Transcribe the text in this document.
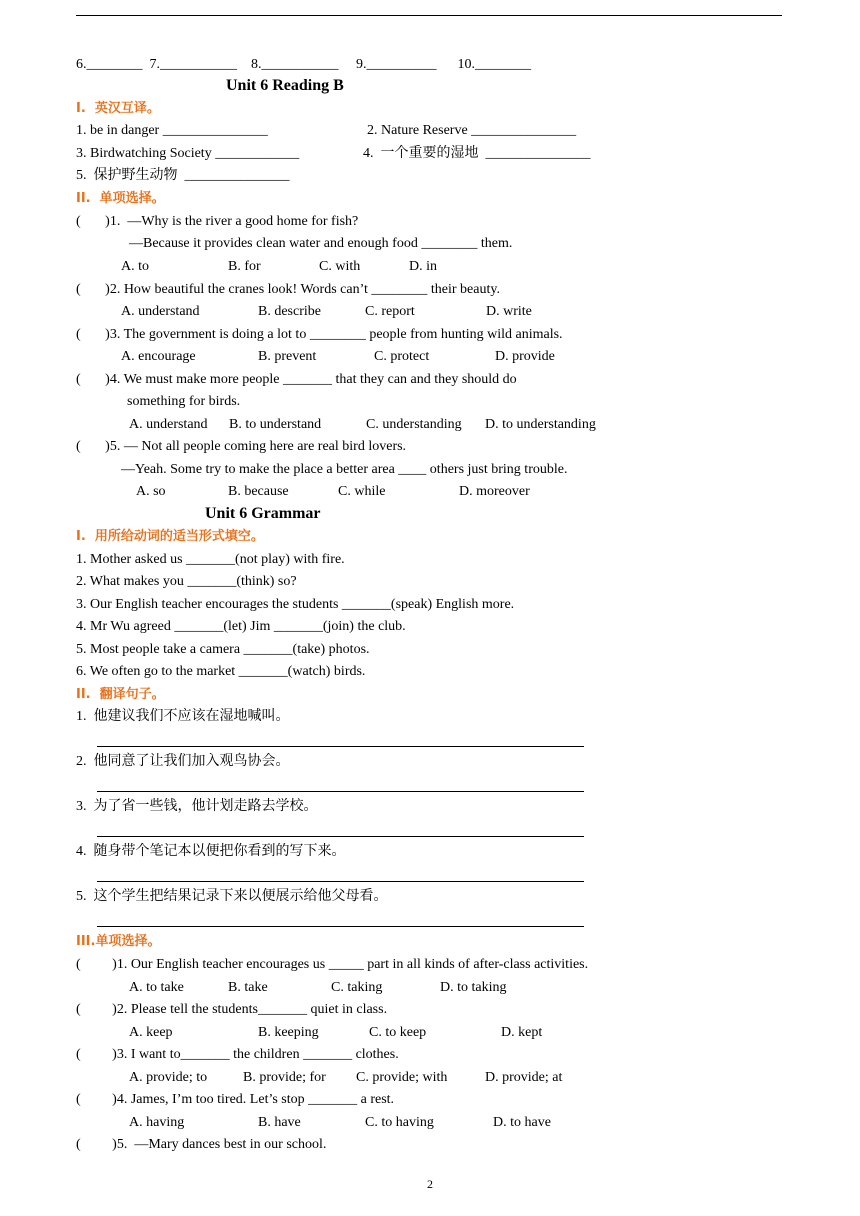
6.________  7.___________    8.___________     9.__________      10.________
Unit 6 Reading B
I.  英汉互译。
1. be in danger _______________	2. Nature Reserve _______________
3. Birdwatching Society ____________	4.  一个重要的湿地  _______________
5.  保护野生动物  _______________
II.  单项选择。
(       )1.  —Why is the river a good home for fish?
—Because it provides clean water and enough food ________ them.
A. to	B. for	C. with	D. in
(       )2. How beautiful the cranes look! Words can’t ________ their beauty.
A. understand	B. describe	C. report	D. write
(       )3. The government is doing a lot to ________ people from hunting wild animals.
A. encourage	B. prevent	C. protect	D. provide
(       )4. We must make more people _______ that they can and they should do
something for birds.
A. understand B. to understand	C. understanding D. to understanding
(       )5. — Not all people coming here are real bird lovers.
—Yeah. Some try to make the place a better area ____ others just bring trouble.
A. so	B. because	C. while	D. moreover
Unit 6 Grammar
I.  用所给动词的适当形式填空。
1. Mother asked us _______(not play) with fire.
2. What makes you _______(think) so?
3. Our English teacher encourages the students _______(speak) English more.
4. Mr Wu agreed _______(let) Jim _______(join) the club.
5. Most people take a camera _______(take) photos.
6. We often go to the market _______(watch) birds.
II.  翻译句子。
1.  他建议我们不应该在湿地喊叫。
2.  他同意了让我们加入观鸟协会。
3.  为了省一些钱，他计划走路去学校。
4.  随身带个笔记本以便把你看到的写下来。
5.  这个学生把结果记录下来以便展示给他父母看。
III.单项选择。
(         )1. Our English teacher encourages us _____ part in all kinds of after-class activities.
A. to take	B. take	C. taking	D. to taking
(         )2. Please tell the students_______ quiet in class.
A. keep	B. keeping	C. to keep	D. kept
(         )3. I want to_______ the children _______ clothes.
A. provide; to	B. provide; for C. provide; with	D. provide; at
(         )4. James, I’m too tired. Let’s stop _______ a rest.
A. having	B. have	C. to having	D. to have
(         )5.  —Mary dances best in our school.
2
